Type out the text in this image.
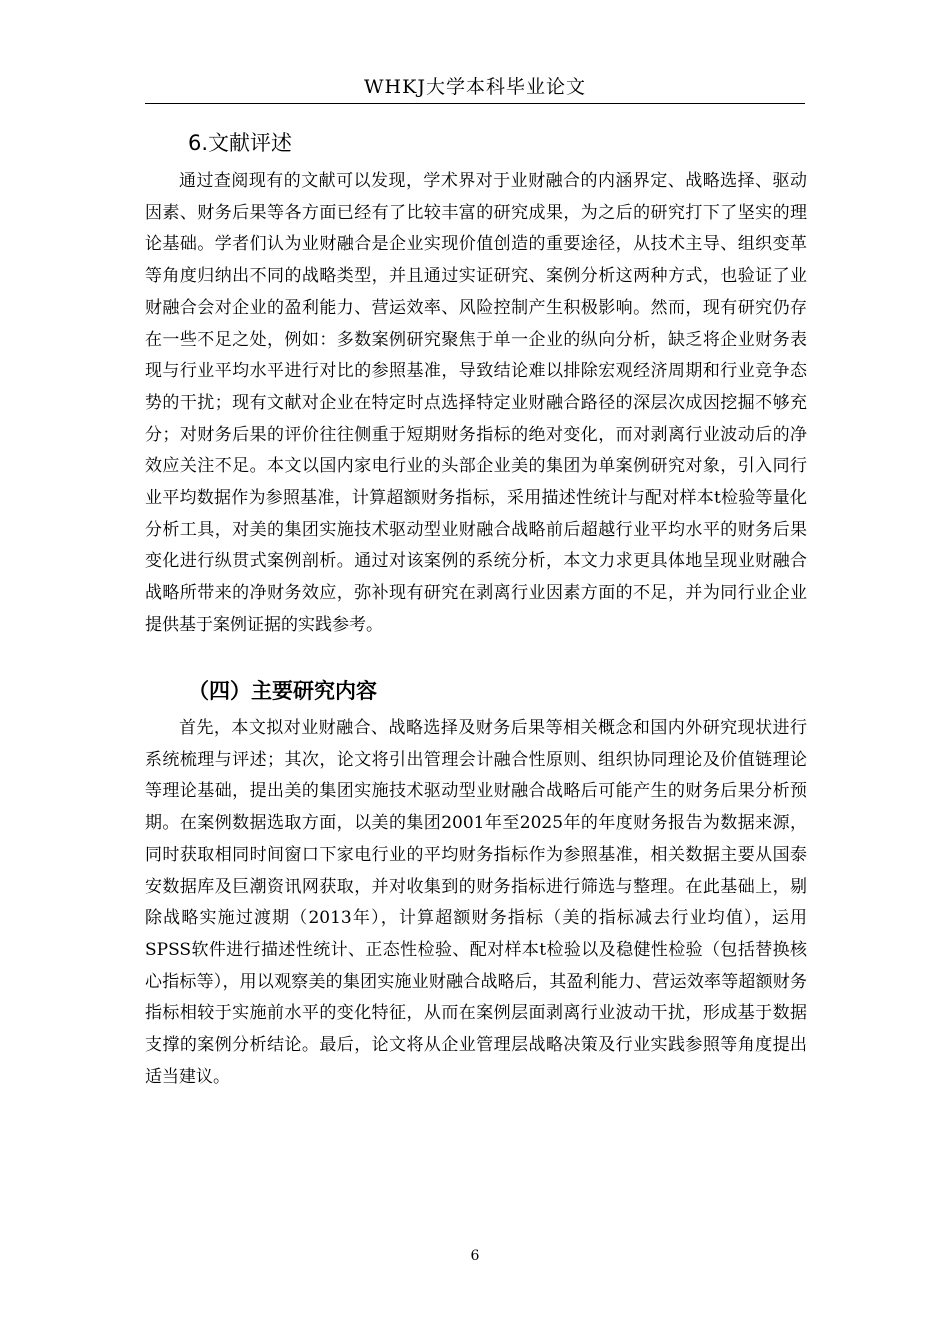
WHKJ大学本科毕业论文
6.文献评述

通过查阅现有的文献可以发现，学术界对于业财融合的内涵界定、战略选择、驱动因素、财务后果等各方面已经有了比较丰富的研究成果，为之后的研究打下了坚实的理论基础。学者们认为业财融合是企业实现价值创造的重要途径，从技术主导、组织变革等角度归纳出不同的战略类型，并且通过实证研究、案例分析这两种方式，也验证了业财融合会对企业的盈利能力、营运效率、风险控制产生积极影响。然而，现有研究仍存在一些不足之处，例如：多数案例研究聚焦于单一企业的纵向分析，缺乏将企业财务表现与行业平均水平进行对比的参照基准，导致结论难以排除宏观经济周期和行业竞争态势的干扰；现有文献对企业在特定时点选择特定业财融合路径的深层次成因挖掘不够充分；对财务后果的评价往往侧重于短期财务指标的绝对变化，而对剥离行业波动后的净效应关注不足。本文以国内家电行业的头部企业美的集团为单案例研究对象，引入同行业平均数据作为参照基准，计算超额财务指标，采用描述性统计与配对样本t检验等量化分析工具，对美的集团实施技术驱动型业财融合战略前后超越行业平均水平的财务后果变化进行纵贯式案例剖析。通过对该案例的系统分析，本文力求更具体地呈现业财融合战略所带来的净财务效应，弥补现有研究在剥离行业因素方面的不足，并为同行业企业提供基于案例证据的实践参考。

（四）主要研究内容

首先，本文拟对业财融合、战略选择及财务后果等相关概念和国内外研究现状进行系统梳理与评述；其次，论文将引出管理会计融合性原则、组织协同理论及价值链理论等理论基础，提出美的集团实施技术驱动型业财融合战略后可能产生的财务后果分析预期。在案例数据选取方面，以美的集团2001年至2025年的年度财务报告为数据来源，同时获取相同时间窗口下家电行业的平均财务指标作为参照基准，相关数据主要从国泰安数据库及巨潮资讯网获取，并对收集到的财务指标进行筛选与整理。在此基础上，剔除战略实施过渡期（2013年），计算超额财务指标（美的指标减去行业均值），运用SPSS软件进行描述性统计、正态性检验、配对样本t检验以及稳健性检验（包括替换核心指标等），用以观察美的集团实施业财融合战略后，其盈利能力、营运效率等超额财务指标相较于实施前水平的变化特征，从而在案例层面剥离行业波动干扰，形成基于数据支撑的案例分析结论。最后，论文将从企业管理层战略决策及行业实践参照等角度提出适当建议。

6
